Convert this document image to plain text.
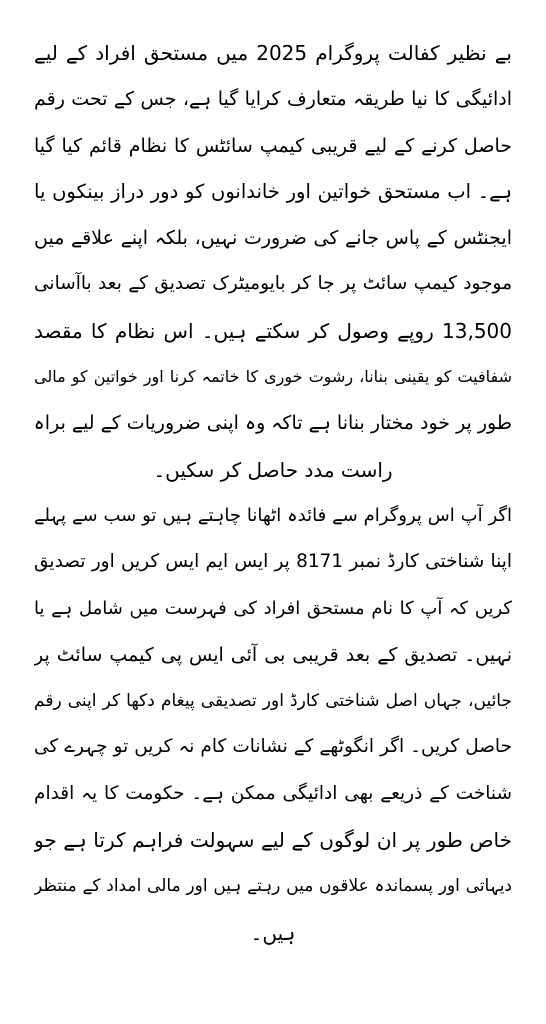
بے نظیر کفالت پروگرام 2025 میں مستحق افراد کے لیے
ادائیگی کا نیا طریقہ متعارف کرایا گیا ہے، جس کے تحت رقم
حاصل کرنے کے لیے قریبی کیمپ سائٹس کا نظام قائم کیا گیا
ہے۔ اب مستحق خواتین اور خاندانوں کو دور دراز بینکوں یا
ایجنٹس کے پاس جانے کی ضرورت نہیں، بلکہ اپنے علاقے میں
موجود کیمپ سائٹ پر جا کر بایومیٹرک تصدیق کے بعد باآسانی
13,500 روپے وصول کر سکتے ہیں۔ اس نظام کا مقصد
شفافیت کو یقینی بنانا، رشوت خوری کا خاتمہ کرنا اور خواتین کو مالی
طور پر خود مختار بنانا ہے تاکہ وہ اپنی ضروریات کے لیے براہ
راست مدد حاصل کر سکیں۔
اگر آپ اس پروگرام سے فائدہ اٹھانا چاہتے ہیں تو سب سے پہلے
اپنا شناختی کارڈ نمبر 8171 پر ایس ایم ایس کریں اور تصدیق
کریں کہ آپ کا نام مستحق افراد کی فہرست میں شامل ہے یا
نہیں۔ تصدیق کے بعد قریبی بی آئی ایس پی کیمپ سائٹ پر
جائیں، جہاں اصل شناختی کارڈ اور تصدیقی پیغام دکھا کر اپنی رقم
حاصل کریں۔ اگر انگوٹھے کے نشانات کام نہ کریں تو چہرے کی
شناخت کے ذریعے بھی ادائیگی ممکن ہے۔ حکومت کا یہ اقدام
خاص طور پر ان لوگوں کے لیے سہولت فراہم کرتا ہے جو
دیہاتی اور پسماندہ علاقوں میں رہتے ہیں اور مالی امداد کے منتظر
ہیں۔
